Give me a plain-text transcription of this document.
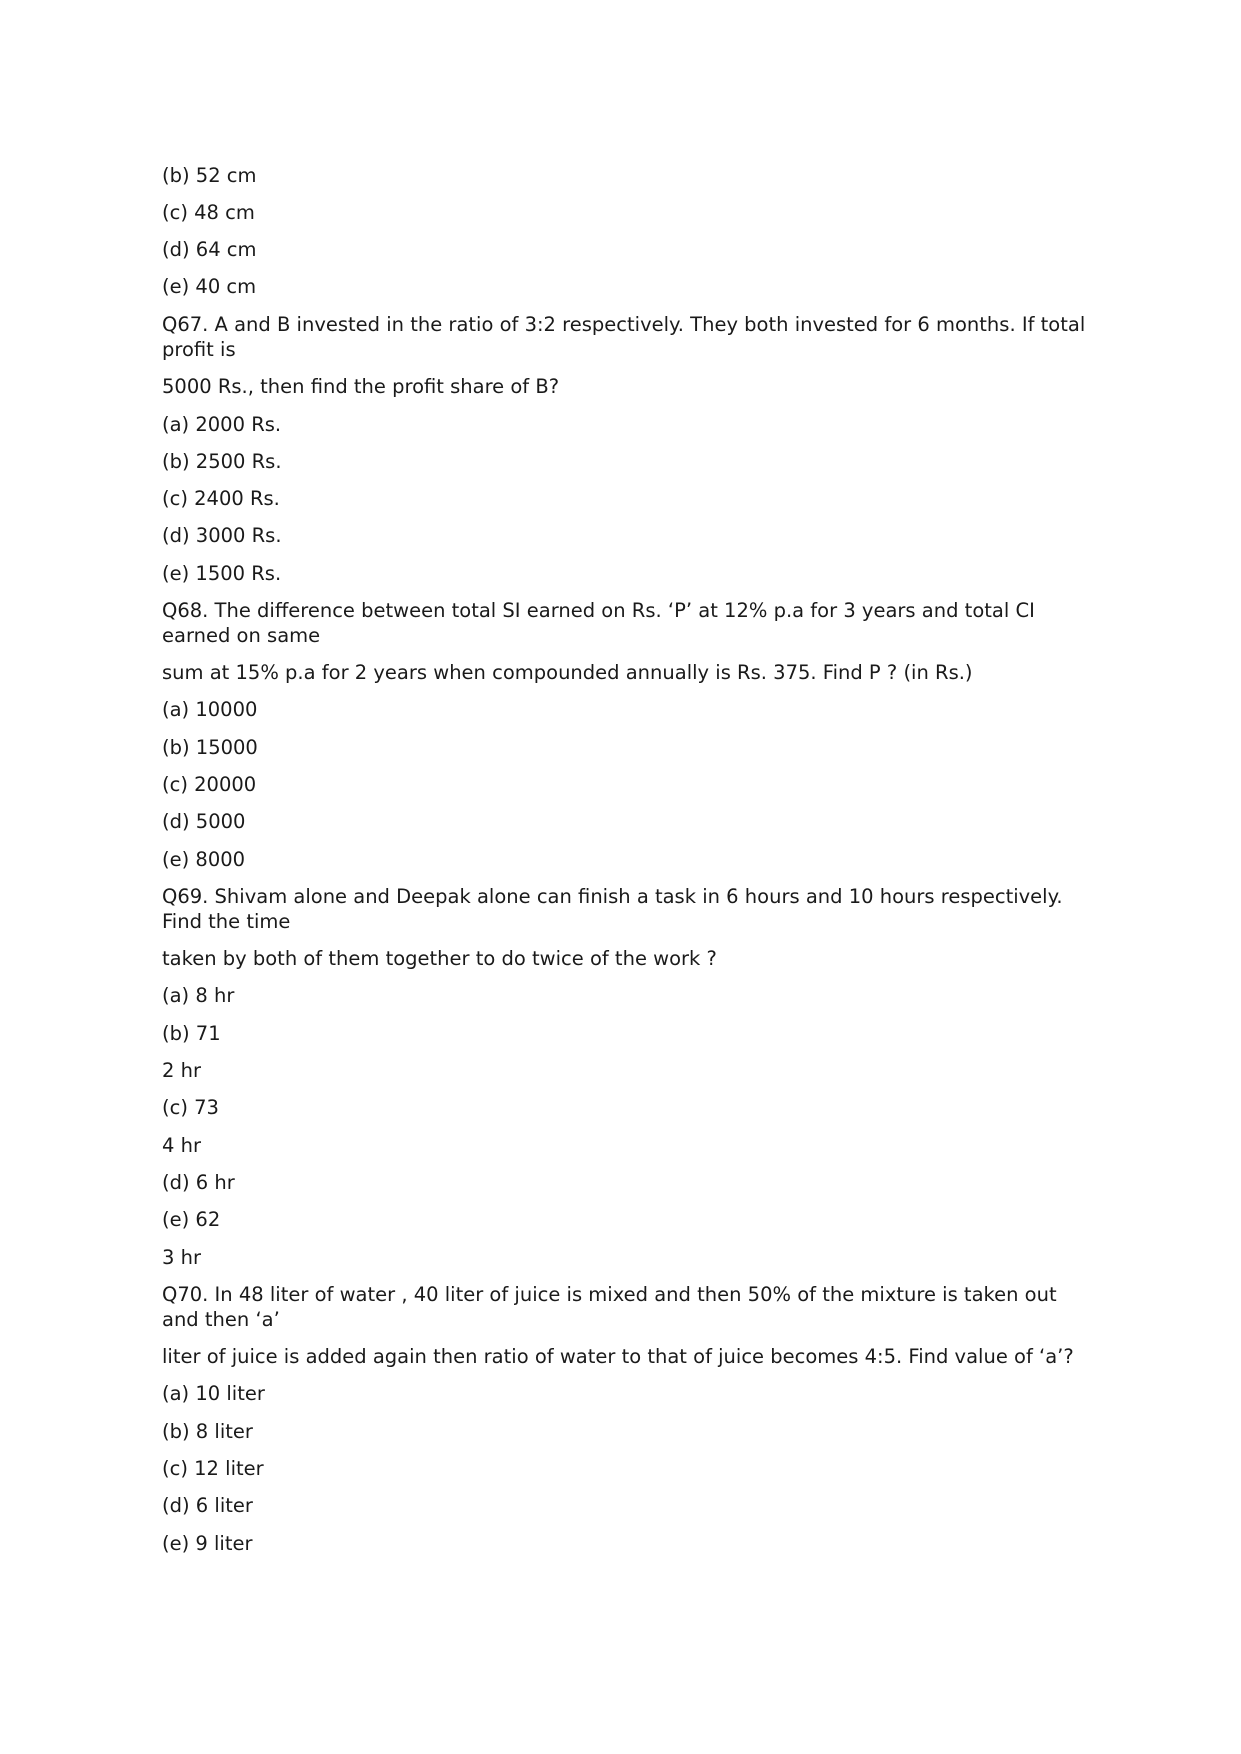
(b) 52 cm
(c) 48 cm
(d) 64 cm
(e) 40 cm
Q67. A and B invested in the ratio of 3:2 respectively. They both invested for 6 months. If total profit is
5000 Rs., then find the profit share of B?
(a) 2000 Rs.
(b) 2500 Rs.
(c) 2400 Rs.
(d) 3000 Rs.
(e) 1500 Rs.
Q68. The difference between total SI earned on Rs. ‘P’ at 12% p.a for 3 years and total CI earned on same
sum at 15% p.a for 2 years when compounded annually is Rs. 375. Find P ? (in Rs.)
(a) 10000
(b) 15000
(c) 20000
(d) 5000
(e) 8000
Q69. Shivam alone and Deepak alone can finish a task in 6 hours and 10 hours respectively. Find the time
taken by both of them together to do twice of the work ?
(a) 8 hr
(b) 71
2 hr
(c) 73
4 hr
(d) 6 hr
(e) 62
3 hr
Q70. In 48 liter of water , 40 liter of juice is mixed and then 50% of the mixture is taken out and then ‘a’
liter of juice is added again then ratio of water to that of juice becomes 4:5. Find value of ‘a’?
(a) 10 liter
(b) 8 liter
(c) 12 liter
(d) 6 liter
(e) 9 liter
